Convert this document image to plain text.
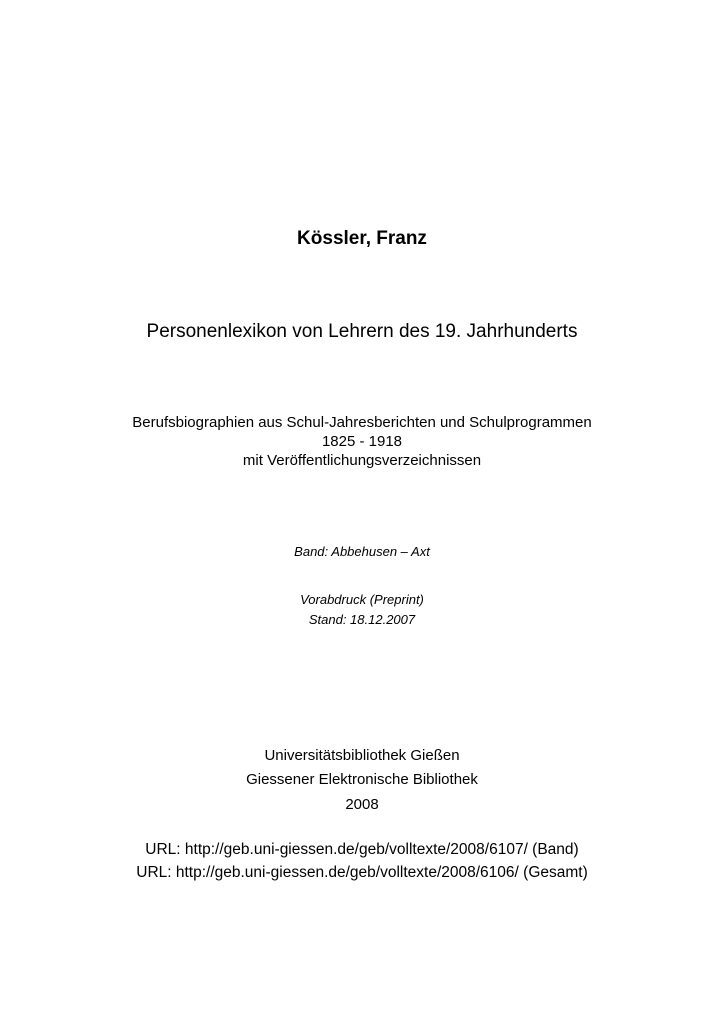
Kössler, Franz
Personenlexikon von Lehrern des 19. Jahrhunderts
Berufsbiographien aus Schul-Jahresberichten und Schulprogrammen
1825 - 1918
mit Veröffentlichungsverzeichnissen
Band: Abbehusen – Axt
Vorabdruck (Preprint)
Stand: 18.12.2007
Universitätsbibliothek Gießen
Giessener Elektronische Bibliothek
2008
URL: http://geb.uni-giessen.de/geb/volltexte/2008/6107/ (Band)
URL: http://geb.uni-giessen.de/geb/volltexte/2008/6106/ (Gesamt)
